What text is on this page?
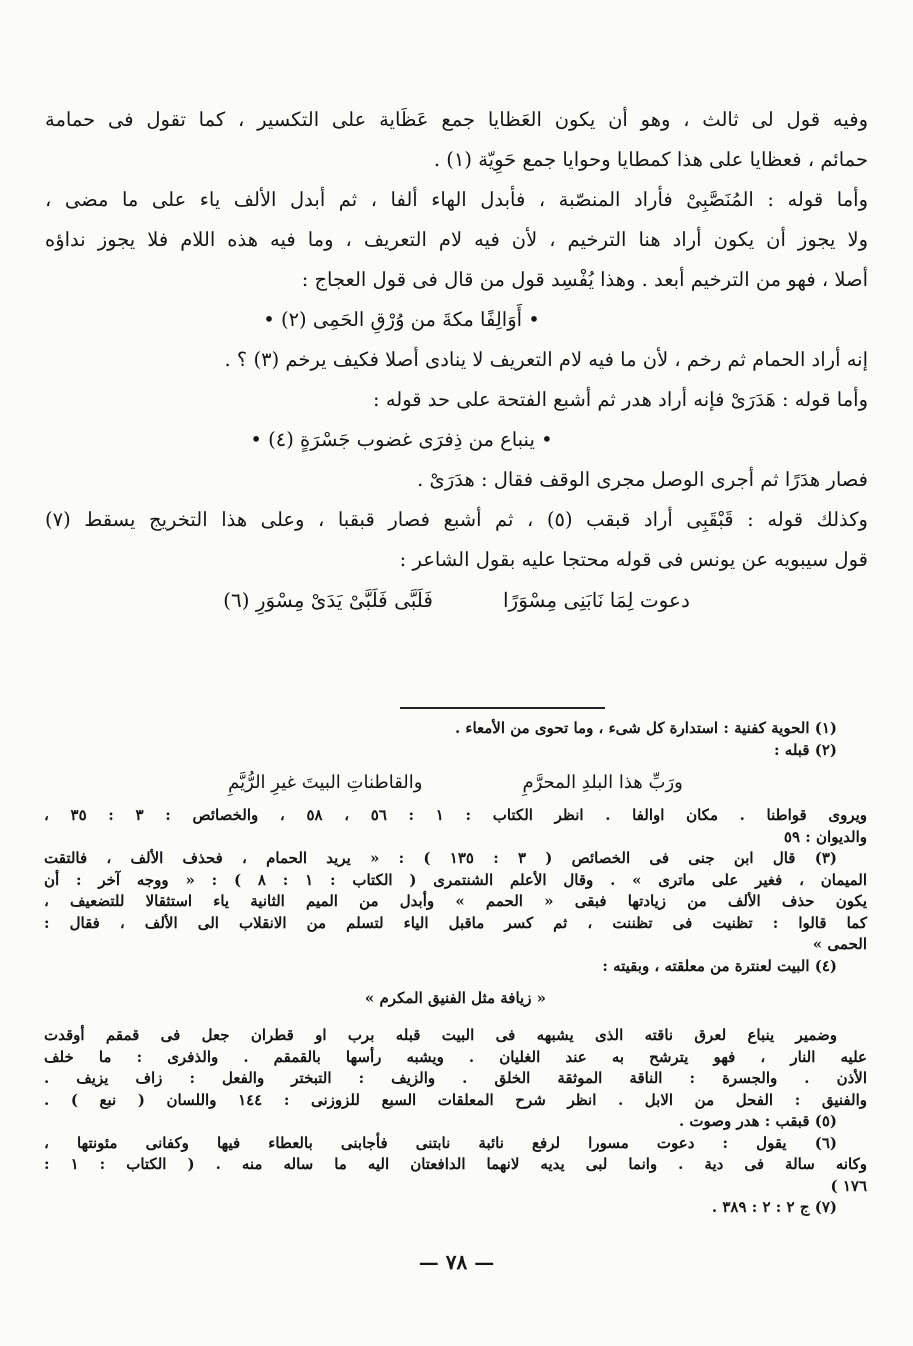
وفيه قول لى ثالث ، وهو أن يكون العَظايا جمع عَظَاية على التكسير ، كما تقول فى حمامة
حمائم ، فعظايا على هذا كمطايا وحوايا جمع حَوِيّة (١) .
وأما قوله : المُنَصَّبِىْ فأراد المنصّبة ، فأبدل الهاء ألفا ، ثم أبدل الألف ياء على ما مضى ،
ولا يجوز أن يكون أراد هنا الترخيم ، لأن فيه لام التعريف ، وما فيه هذه اللام فلا يجوز نداؤه
أصلا ، فهو من الترخيم أبعد . وهذا يُفْسِد قول من قال فى قول العجاج :
• أَوَالِفًا مكةَ من وُرْقِ الحَمِى (٢) •
إنه أراد الحمام ثم رخم ، لأن ما فيه لام التعريف لا ينادى أصلا فكيف يرخم (٣) ؟ .
وأما قوله : هَدَرَىْ فإنه أراد هدر ثم أشبع الفتحة على حد قوله :
• ينباع من ذِفرَى غضوب جَسْرَةٍ (٤) •
فصار هدَرًا ثم أجرى الوصل مجرى الوقف فقال : هدَرَىْ .
وكذلك قوله : قَبْقَبِى أراد قبقب (٥) ، ثم أشبع فصار قبقبا ، وعلى هذا التخريج يسقط (٧)
قول سيبويه عن يونس فى قوله محتجا عليه بقول الشاعر :
دعوت لِمَا نَابَنِى مِسْوَرًا
فَلَبَّى فَلَبَّىْ يَدَىْ مِسْوَرِ (٦)
(١) الحوية كفنية : استدارة كل شىء ، وما تحوى من الأمعاء .
(٢) قبله :
ورَبِّ هذا البلدِ المحرَّمِ
والقاطناتِ البيتَ غيرِ الرُّيَّمِ
ويروى قواطنا . مكان اوالفا . انظر الكتاب : ١ : ٥٦ ، ٥٨ ، والخصائص : ٣ : ٣٥ ،
والديوان : ٥٩
(٣) قال ابن جنى فى الخصائص ( ٣ : ١٣٥ ) : « يريد الحمام ، فحذف الألف ، فالتقت
الميمان ، فغير على ماترى » . وقال الأعلم الشنتمرى ( الكتاب : ١ : ٨ ) : « ووجه آخر : أن
يكون حذف الألف من زيادتها فبقى « الحمم » وأبدل من الميم الثانية ياء استثقالا للتضعيف ،
كما قالوا : تظنيت فى تظننت ، ثم كسر ماقبل الياء لتسلم من الانقلاب الى الألف ، فقال :
الحمى »
(٤) البيت لعنترة من معلقته ، وبقيته :
« زيافة مثل الفنيق المكرم »
وضمير ينباع لعرق ناقته الذى يشبهه فى البيت قبله برب او قطران جعل فى قمقم أوقدت
عليه النار ، فهو يترشح به عند الغليان . ويشبه رأسها بالقمقم . والذفرى : ما خلف
الأذن . والجسرة : الناقة الموثقة الخلق . والزيف : التبختر والفعل : زاف يزيف .
والفنيق : الفحل من الابل . انظر شرح المعلقات السبع للزوزنى : ١٤٤ واللسان ( نبع ) .
(٥) قبقب : هدر وصوت .
(٦) يقول : دعوت مسورا لرفع نائبة نابتنى فأجابنى بالعطاء فيها وكفانى مئونتها ،
وكانه سالة فى دية . وانما لبى يديه لانهما الدافعتان اليه ما ساله منه . ( الكتاب : ١ :
١٧٦ )
(٧) ج ٢ : ٢ : ٣٨٩ .
— ٧٨ —
